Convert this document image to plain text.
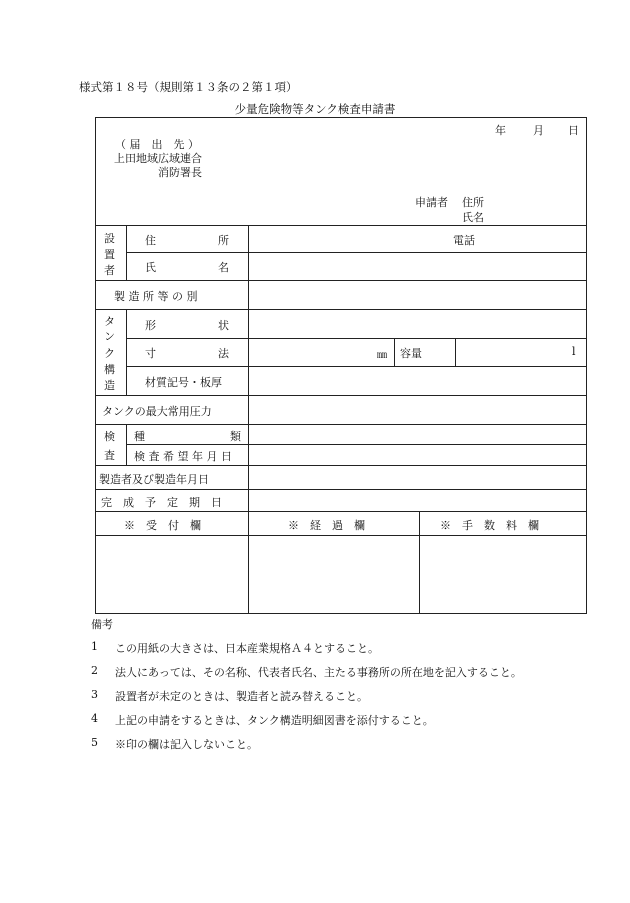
様式第１８号（規則第１３条の２第１項）
少量危険物等タンク検査申請書
年 月 日
（ 届　出　先 ）
上田地域広域連合
消防署長
申請者 住所
氏名
設
置
者
住	所	電話
氏	名
製 造 所 等 の 別
タ
ン
ク
構
造
形	状
寸	法	㎜ 容量	l
材質記号・板厚
タンクの最大常用圧力
検
査
種	類
検 査 希 望 年 月 日
製造者及び製造年月日
完　成　予　定　期　日
※　受　付　欄	※　経　過　欄	※　手　数　料　欄
備考
1	この用紙の大きさは、日本産業規格Ａ４とすること。
2	法人にあっては、その名称、代表者氏名、主たる事務所の所在地を記入すること。
3	設置者が未定のときは、製造者と読み替えること。
4	上記の申請をするときは、タンク構造明細図書を添付すること。
5	※印の欄は記入しないこと。
